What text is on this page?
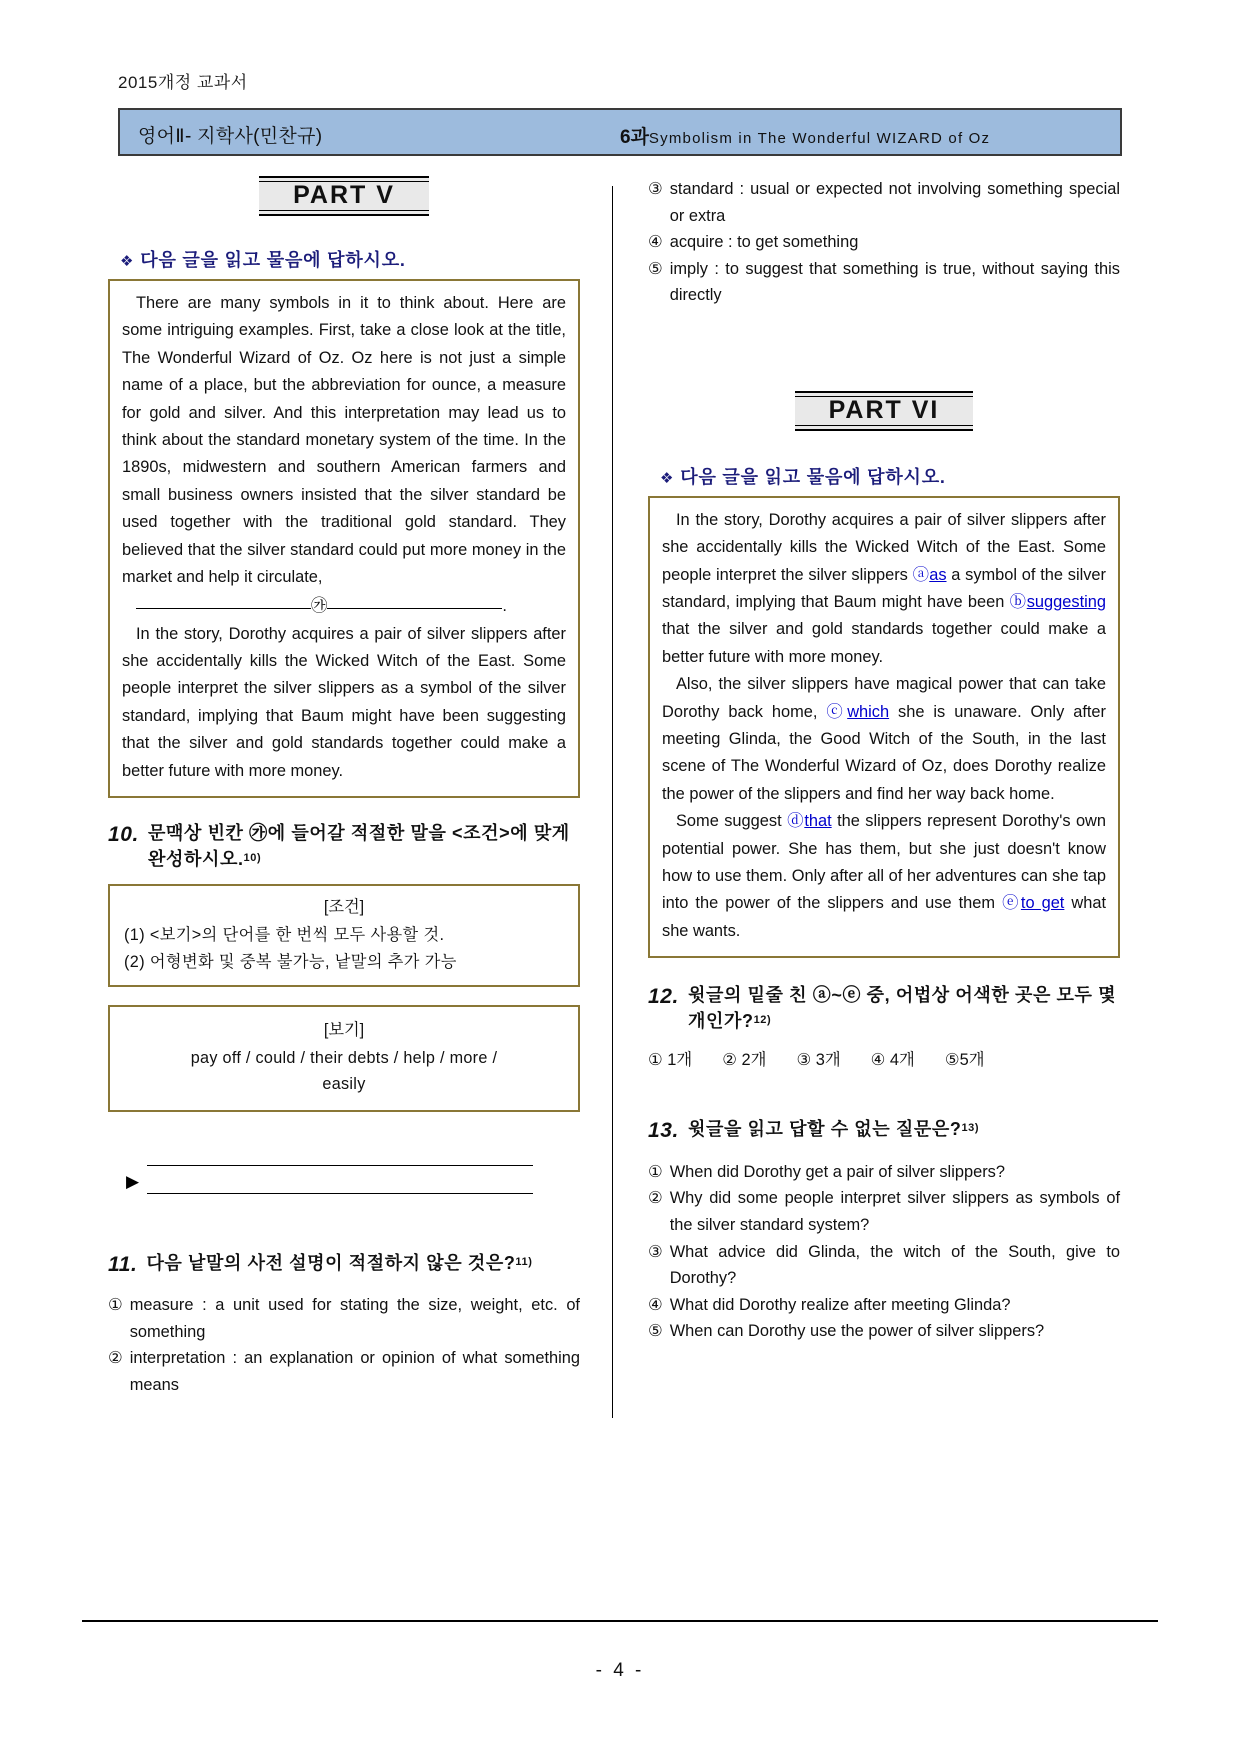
2015개정 교과서
영어Ⅱ- 지학사(민찬규)	6과Symbolism in The Wonderful WIZARD of Oz
PART V
❖ 다음 글을 읽고 물음에 답하시오.

There are many symbols in it to think about. Here are some intriguing examples. First, take a close look at the title, The Wonderful Wizard of Oz. Oz here is not just a simple name of a place, but the abbreviation for ounce, a measure for gold and silver. And this interpretation may lead us to think about the standard monetary system of the time. In the 1890s, midwestern and southern American farmers and small business owners insisted that the silver standard be used together with the traditional gold standard. They believed that the silver standard could put more money in the market and help it circulate,
㉮	.

In the story, Dorothy acquires a pair of silver slippers after she accidentally kills the Wicked Witch of the East. Some people interpret the silver slippers as a symbol of the silver standard, implying that Baum might have been suggesting that the silver and gold standards together could make a better future with more money.

10. 문맥상 빈칸 ㉮에 들어갈 적절한 말을 <조건>에 맞게 완성하시오.$^{10)}$
[조건]
(1) <보기>의 단어를 한 번씩 모두 사용할 것.
(2) 어형변화 및 중복 불가능, 낱말의 추가 가능
[보기]
pay off / could / their debts / help / more /
easily
▶
11. 다음 낱말의 사전 설명이 적절하지 않은 것은?$^{11)}$
① measure : a unit used for stating the size, weight, etc. of something
② interpretation : an explanation or opinion of what something means
③ standard : usual or expected not involving something special or extra
④ acquire : to get something
⑤ imply : to suggest that something is true, without saying this directly
PART VI
❖ 다음 글을 읽고 물음에 답하시오.

In the story, Dorothy acquires a pair of silver slippers after she accidentally kills the Wicked Witch of the East. Some people interpret the silver slippers ⓐas a symbol of the silver standard, implying that Baum might have been ⓑsuggesting that the silver and gold standards together could make a better future with more money.

Also, the silver slippers have magical power that can take Dorothy back home, ⓒwhich she is unaware. Only after meeting Glinda, the Good Witch of the South, in the last scene of The Wonderful Wizard of Oz, does Dorothy realize the power of the slippers and find her way back home.

Some suggest ⓓthat the slippers represent Dorothy's own potential power. She has them, but she just doesn't know how to use them. Only after all of her adventures can she tap into the power of the slippers and use them ⓔto get what she wants.

12. 윗글의 밑줄 친 ⓐ~ⓔ 중, 어법상 어색한 곳은 모두 몇 개인가?$^{12)}$
① 1개 ② 2개 ③ 3개 ④ 4개 ⑤5개
13. 윗글을 읽고 답할 수 없는 질문은?$^{13)}$
① When did Dorothy get a pair of silver slippers?
② Why did some people interpret silver slippers as symbols of the silver standard system?
③ What advice did Glinda, the witch of the South, give to Dorothy?
④ What did Dorothy realize after meeting Glinda?
⑤ When can Dorothy use the power of silver slippers?
- 4 -
